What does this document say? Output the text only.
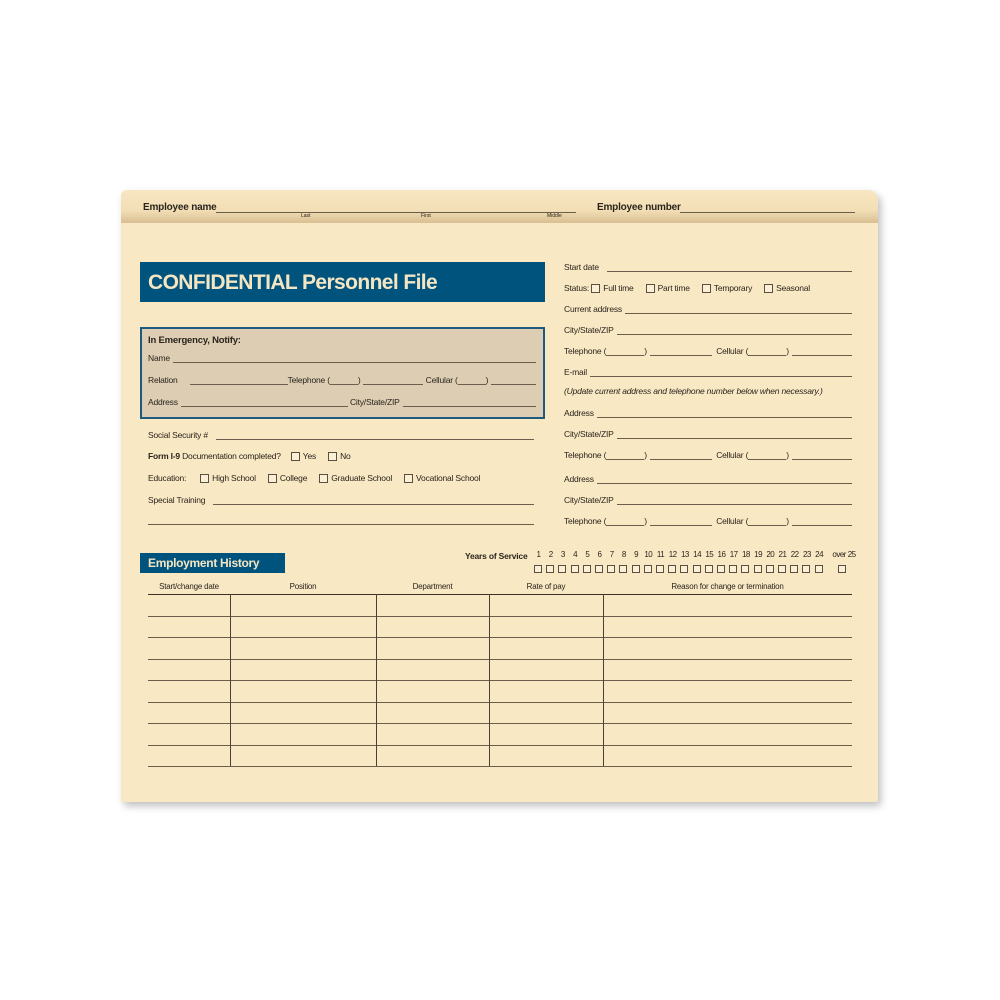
Employee name
Last	First	Middle
Employee number
CONFIDENTIAL Personnel File
In Emergency, Notify:
Name
Relation	Telephone (	)
	Cellular (	)
Address
	City/State/ZIP
Social Security #
Form I-9
Documentation completed?	Yes	No
Education:	High School	College	Graduate School	Vocational School
Special Training
Start date
Status:
Full time	Part time	Temporary	Seasonal
Current address
City/State/ZIP
Telephone (	)
	Cellular (	)
E-mail
(Update current address and telephone number below when necessary.)
Address
City/State/ZIP
Telephone (	)
	Cellular (	)
Address
City/State/ZIP
Telephone (	)
	Cellular (	)
Employment History	Years of Service	1	2	3	4	5	6	7	8	9 10 11 12 13 14 15 16 17 18 19 20 21 22 23 24 over 25
Start/change date	Position	Department	Rate of pay	Reason for change or termination
